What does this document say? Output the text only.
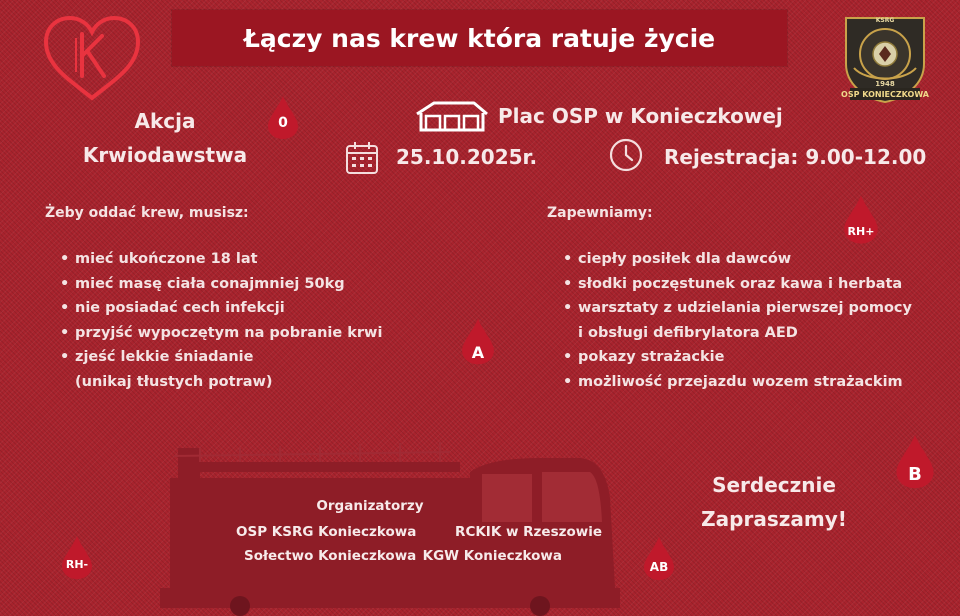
Łączy nas krew która ratuje życie
KSRG
1948
OSP KONIECZKOWA
Akcja
Krwiodawstwa
0
RH+
A
B
RH-	AB
Plac OSP w Konieczkowej
25.10.2025r.	Rejestracja: 9.00-12.00
Żeby oddać krew, musisz:
• mieć ukończone 18 lat
• mieć masę ciała conajmniej 50kg
• nie posiadać cech infekcji
• przyjść wypoczętym na pobranie krwi
• zjeść lekkie śniadanie
(unikaj tłustych potraw)
Zapewniamy:
• ciepły posiłek dla dawców
• słodki poczęstunek oraz kawa i herbata
• warsztaty z udzielania pierwszej pomocy
i obsługi defibrylatora AED
• pokazy strażackie
• możliwość przejazdu wozem strażackim
Organizatorzy
OSP KSRG Konieczkowa	RCKIK w Rzeszowie
Sołectwo Konieczkowa KGW Konieczkowa
Serdecznie
Zapraszamy!
